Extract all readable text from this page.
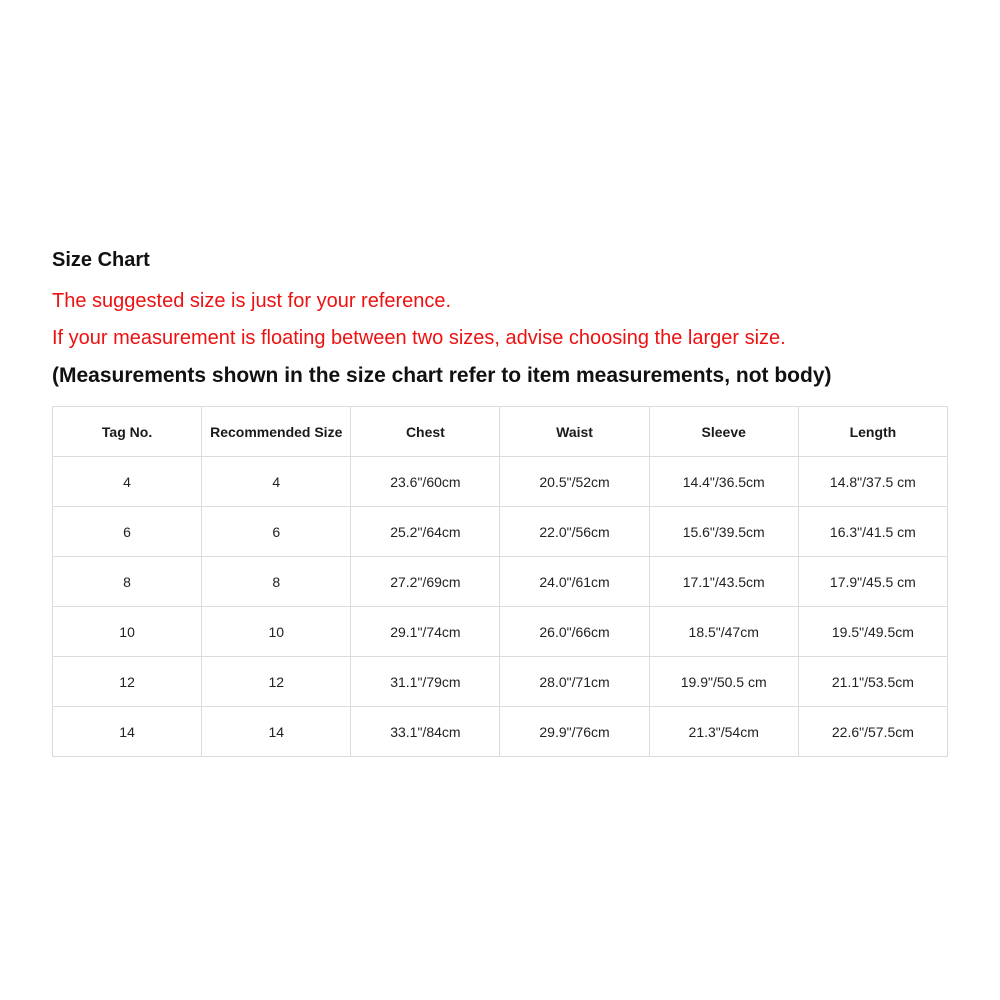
Size Chart

The suggested size is just for your reference.

If your measurement is floating between two sizes, advise choosing the larger size.

(Measurements shown in the size chart refer to item measurements, not body)

Tag No.	Recommended Size	Chest	Waist	Sleeve	Length
4	4	23.6"/60cm	20.5"/52cm	14.4"/36.5cm	14.8"/37.5 cm
6	6	25.2"/64cm	22.0"/56cm	15.6"/39.5cm	16.3"/41.5 cm
8	8	27.2"/69cm	24.0"/61cm	17.1"/43.5cm	17.9"/45.5 cm
10	10	29.1"/74cm	26.0"/66cm	18.5"/47cm	19.5"/49.5cm
12	12	31.1"/79cm	28.0"/71cm	19.9"/50.5 cm	21.1"/53.5cm
14	14	33.1"/84cm	29.9"/76cm	21.3"/54cm	22.6"/57.5cm
